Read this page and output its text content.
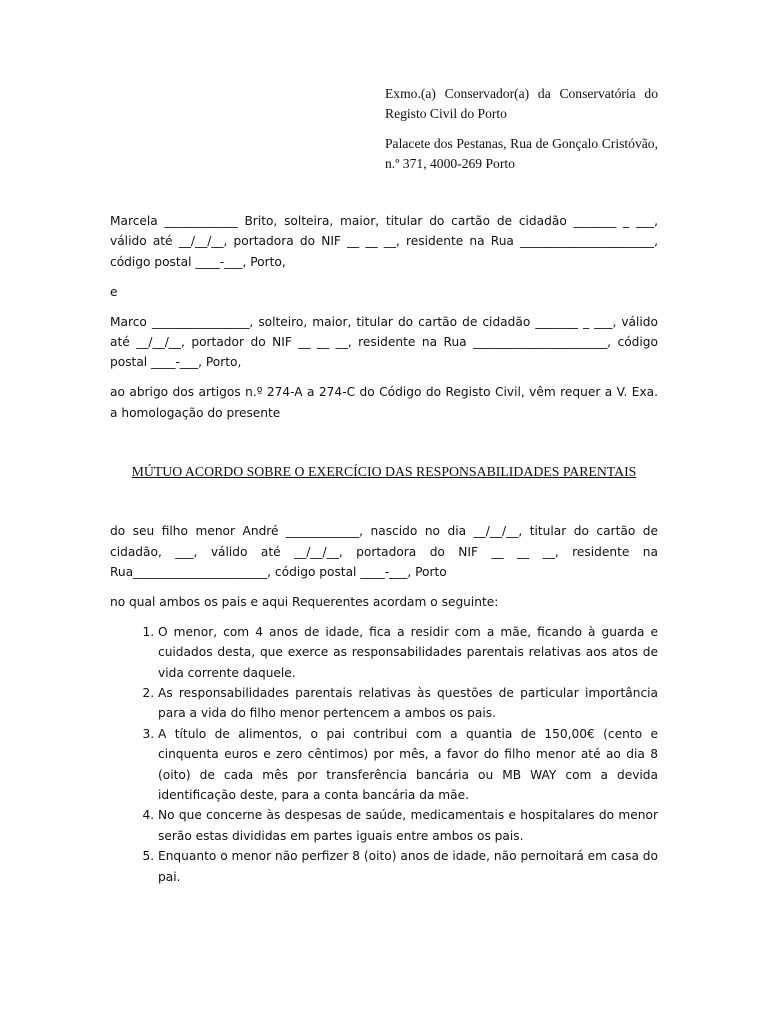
Exmo.(a) Conservador(a) da Conservatória do Registo Civil do Porto

Palacete dos Pestanas, Rua de Gonçalo Cristóvão, n.º 371, 4000-269 Porto

Marcela ____________ Brito, solteira, maior, titular do cartão de cidadão _______ _ ___, válido até __/__/__, portadora do NIF __ __ __, residente na Rua ______________________, código postal ____-___, Porto,

e

Marco ________________, solteiro, maior, titular do cartão de cidadão _______ _ ___, válido até __/__/__, portador do NIF __ __ __, residente na Rua ______________________, código postal ____-___, Porto,

ao abrigo dos artigos n.º 274-A a 274-C do Código do Registo Civil, vêm requer a V. Exa. a homologação do presente

MÚTUO ACORDO SOBRE O EXERCÍCIO DAS RESPONSABILIDADES PARENTAIS

do seu filho menor André ____________, nascido no dia __/__/__, titular do cartão de cidadão, ___, válido até __/__/__, portadora do NIF __ __ __, residente na Rua______________________, código postal ____-___, Porto

no qual ambos os pais e aqui Requerentes acordam o seguinte:

1. O menor, com 4 anos de idade, fica a residir com a mãe, ficando à guarda e cuidados desta, que exerce as responsabilidades parentais relativas aos atos de vida corrente daquele.
2. As responsabilidades parentais relativas às questões de particular importância para a vida do filho menor pertencem a ambos os pais.
3. A título de alimentos, o pai contribui com a quantia de 150,00€ (cento e cinquenta euros e zero cêntimos) por mês, a favor do filho menor até ao dia 8 (oito) de cada mês por transferência bancária ou MB WAY com a devida identificação deste, para a conta bancária da mãe.
4. No que concerne às despesas de saúde, medicamentais e hospitalares do menor serão estas divididas em partes iguais entre ambos os pais.
5. Enquanto o menor não perfizer 8 (oito) anos de idade, não pernoitará em casa do pai.
